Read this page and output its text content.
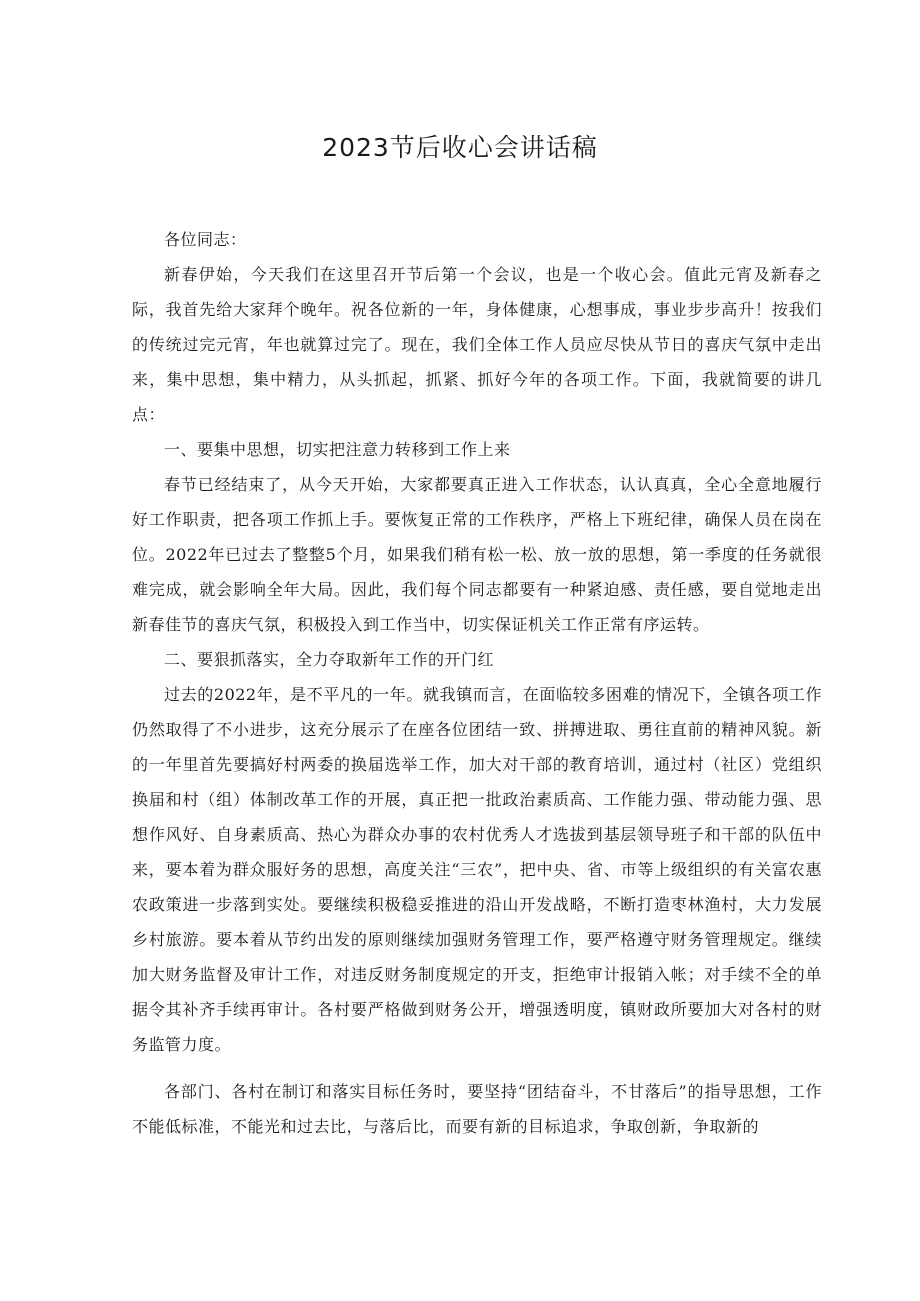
2023节后收心会讲话稿

各位同志：

新春伊始，今天我们在这里召开节后第一个会议，也是一个收心会。值此元宵及新春之际，我首先给大家拜个晚年。祝各位新的一年，身体健康，心想事成，事业步步高升！按我们的传统过完元宵，年也就算过完了。现在，我们全体工作人员应尽快从节日的喜庆气氛中走出来，集中思想，集中精力，从头抓起，抓紧、抓好今年的各项工作。下面，我就简要的讲几点：

一、要集中思想，切实把注意力转移到工作上来

春节已经结束了，从今天开始，大家都要真正进入工作状态，认认真真，全心全意地履行好工作职责，把各项工作抓上手。要恢复正常的工作秩序，严格上下班纪律，确保人员在岗在位。2022年已过去了整整5个月，如果我们稍有松一松、放一放的思想，第一季度的任务就很难完成，就会影响全年大局。因此，我们每个同志都要有一种紧迫感、责任感，要自觉地走出新春佳节的喜庆气氛，积极投入到工作当中，切实保证机关工作正常有序运转。

二、要狠抓落实，全力夺取新年工作的开门红

过去的2022年，是不平凡的一年。就我镇而言，在面临较多困难的情况下，全镇各项工作仍然取得了不小进步，这充分展示了在座各位团结一致、拼搏进取、勇往直前的精神风貌。新的一年里首先要搞好村两委的换届选举工作，加大对干部的教育培训，通过村（社区）党组织换届和村（组）体制改革工作的开展，真正把一批政治素质高、工作能力强、带动能力强、思想作风好、自身素质高、热心为群众办事的农村优秀人才选拔到基层领导班子和干部的队伍中来，要本着为群众服好务的思想，高度关注“三农”，把中央、省、市等上级组织的有关富农惠农政策进一步落到实处。要继续积极稳妥推进的沿山开发战略，不断打造枣林渔村，大力发展乡村旅游。要本着从节约出发的原则继续加强财务管理工作，要严格遵守财务管理规定。继续加大财务监督及审计工作，对违反财务制度规定的开支，拒绝审计报销入帐；对手续不全的单据令其补齐手续再审计。各村要严格做到财务公开，增强透明度，镇财政所要加大对各村的财务监管力度。

各部门、各村在制订和落实目标任务时，要坚持“团结奋斗，不甘落后”的指导思想，工作不能低标准，不能光和过去比，与落后比，而要有新的目标追求，争取创新，争取新的
